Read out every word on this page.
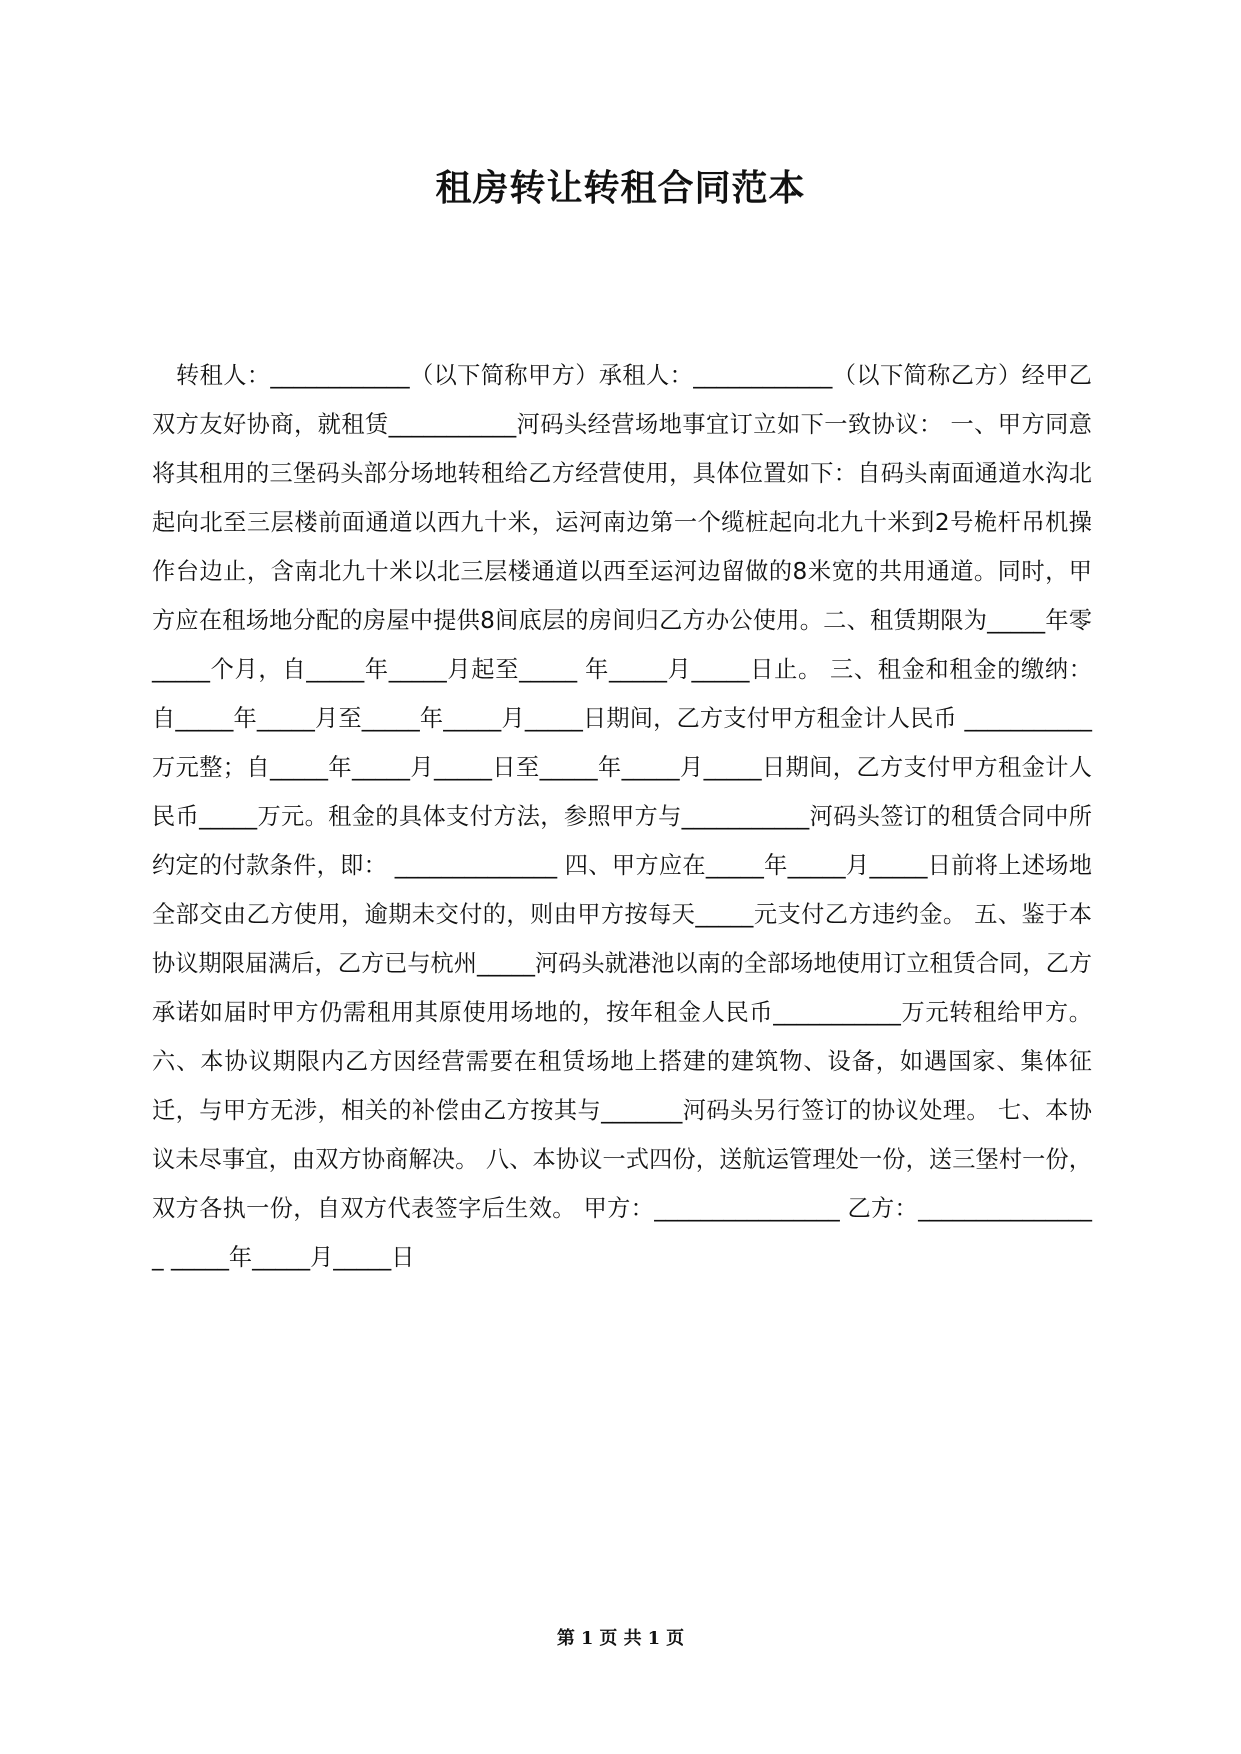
租房转让转租合同范本

转租人：____________（以下简称甲方）承租人：____________（以下简称乙方）经甲乙双方友好协商，就租赁___________河码头经营场地事宜订立如下一致协议： 一、甲方同意将其租用的三堡码头部分场地转租给乙方经营使用，具体位置如下：自码头南面通道水沟北起向北至三层楼前面通道以西九十米，运河南边第一个缆桩起向北九十米到2号桅杆吊机操作台边止，含南北九十米以北三层楼通道以西至运河边留做的8米宽的共用通道。同时，甲方应在租场地分配的房屋中提供8间底层的房间归乙方办公使用。二、租赁期限为_____年零_____个月，自_____年_____月起至_____ 年_____月_____日止。 三、租金和租金的缴纳：自_____年_____月至_____年_____月_____日期间，乙方支付甲方租金计人民币 ___________万元整；自_____年_____月_____日至_____年_____月_____日期间，乙方支付甲方租金计人民币_____万元。租金的具体支付方法，参照甲方与___________河码头签订的租赁合同中所约定的付款条件，即： ______________ 四、甲方应在_____年_____月_____日前将上述场地全部交由乙方使用，逾期未交付的，则由甲方按每天_____元支付乙方违约金。 五、鉴于本协议期限届满后，乙方已与杭州_____河码头就港池以南的全部场地使用订立租赁合同，乙方承诺如届时甲方仍需租用其原使用场地的，按年租金人民币___________万元转租给甲方。 六、本协议期限内乙方因经营需要在租赁场地上搭建的建筑物、设备，如遇国家、集体征迁，与甲方无涉，相关的补偿由乙方按其与_______河码头另行签订的协议处理。 七、本协议未尽事宜，由双方协商解决。 八、本协议一式四份，送航运管理处一份，送三堡村一份，双方各执一份，自双方代表签字后生效。 甲方：________________ 乙方：________________ _____年_____月_____日

第 1 页 共 1 页
